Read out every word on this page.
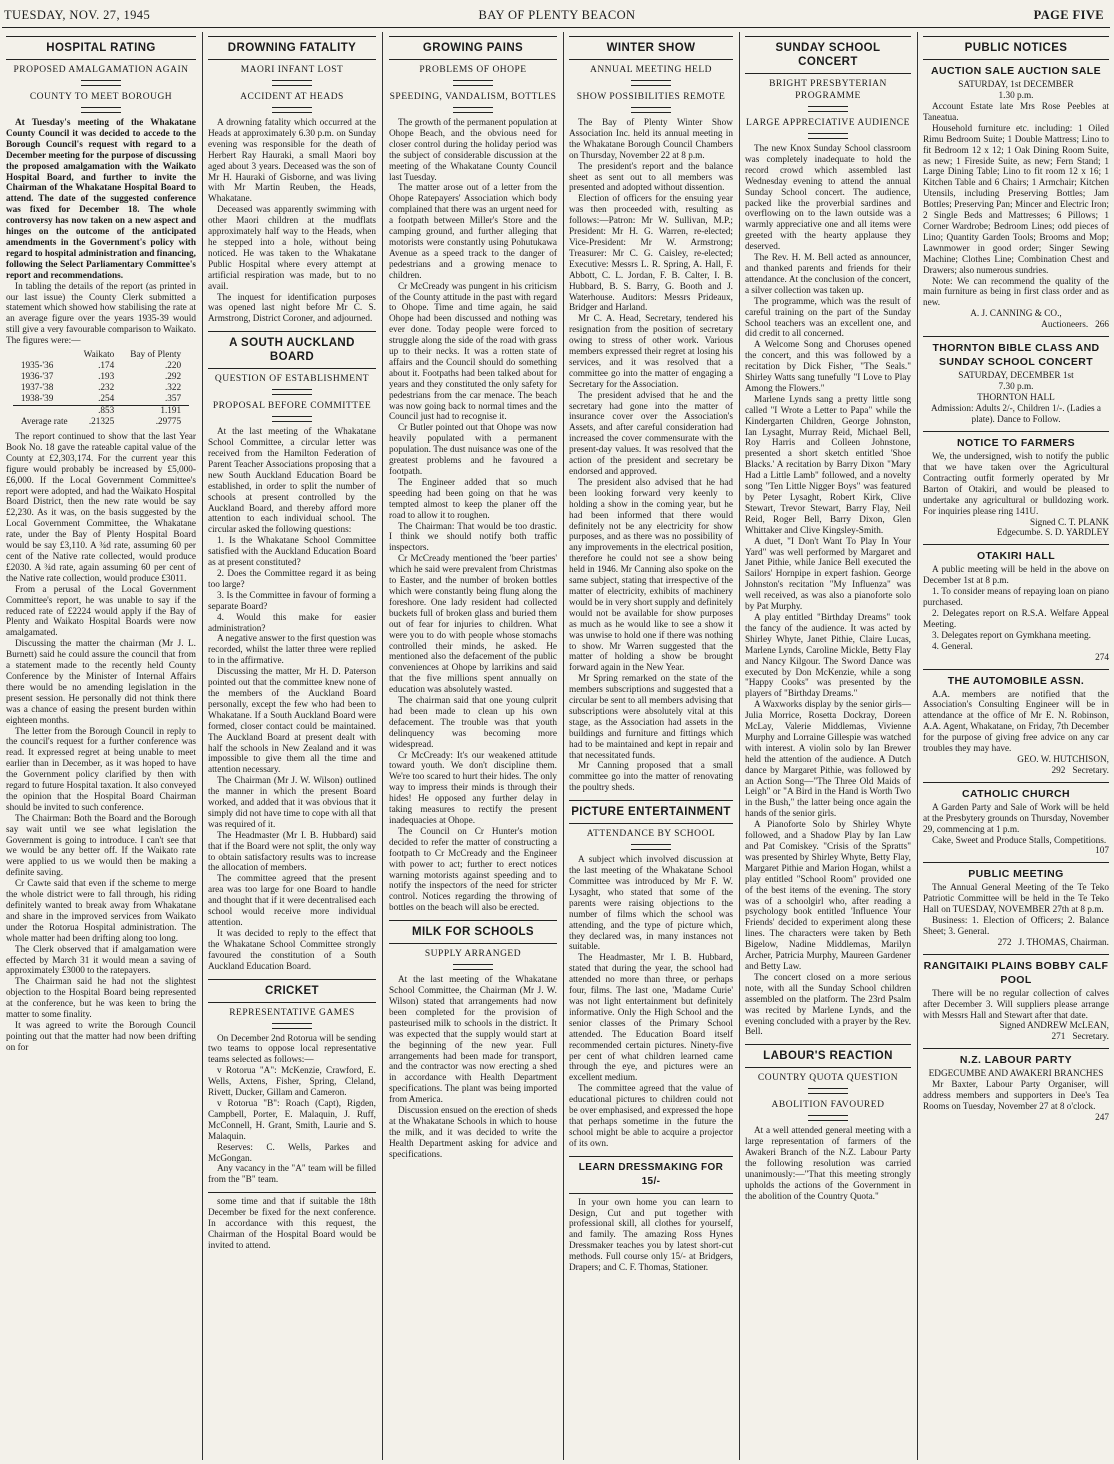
TUESDAY, NOV. 27, 1945	BAY OF PLENTY BEACON	PAGE FIVE
HOSPITAL RATING
PROPOSED AMALGAMATION AGAIN
COUNTY TO MEET BOROUGH

At Tuesday's meeting of the Whakatane County Council it was decided to accede to the Borough Council's request with regard to a December meeting for the purpose of discussing the proposed amalgamation with the Waikato Hospital Board, and further to invite the Chairman of the Whakatane Hospital Board to attend. The date of the suggested conference was fixed for December 18. The whole controversy has now taken on a new aspect and hinges on the outcome of the anticipated amendments in the Government's policy with regard to hospital administration and financing, following the Select Parliamentary Committee's report and recommendations.

In tabling the details of the report (as printed in our last issue) the County Clerk submitted a statement which showed how stabilising the rate at an average figure over the years 1935-39 would still give a very favourable comparison to Waikato. The figures were:—

	Waikato	Bay of Plenty
1935-'36	.174	.220
1936-'37	.193	.292
1937-'38	.232	.322
1938-'39	.254	.357
	.853	1.191
Average rate	.21325	.29775

The report continued to show that the last Year Book No. 18 gave the rateable capital value of the County at £2,303,174. For the current year this figure would probably be increased by £5,000-£6,000. If the Local Government Committee's report were adopted, and had the Waikato Hospital Board District, then the new rate would be say £2,230. As it was, on the basis suggested by the Local Government Committee, the Whakatane rate, under the Bay of Plenty Hospital Board would be say £3,110. A ¾d rate, assuming 60 per cent of the Native rate collected, would produce £2030. A ¾d rate, again assuming 60 per cent of the Native rate collection, would produce £3011.

From a perusal of the Local Government Committee's report, he was unable to say if the reduced rate of £2224 would apply if the Bay of Plenty and Waikato Hospital Boards were now amalgamated.

Discussing the matter the chairman (Mr J. L. Burnett) said he could assure the council that from a statement made to the recently held County Conference by the Minister of Internal Affairs there would be no amending legislation in the present session. He personally did not think there was a chance of easing the present burden within eighteen months.

The letter from the Borough Council in reply to the council's request for a further conference was read. It expressed regret at being unable to meet earlier than in December, as it was hoped to have the Government policy clarified by then with regard to future Hospital taxation. It also conveyed the opinion that the Hospital Board Chairman should be invited to such conference.

The Chairman: Both the Board and the Borough say wait until we see what legislation the Government is going to introduce. I can't see that we would be any better off. If the Waikato rate were applied to us we would then be making a definite saving.

Cr Cawte said that even if the scheme to merge the whole district were to fall through, his riding definitely wanted to break away from Whakatane and share in the improved services from Waikato under the Rotorua Hospital administration. The whole matter had been drifting along too long.

The Clerk observed that if amalgamation were effected by March 31 it would mean a saving of approximately £3000 to the ratepayers.

The Chairman said he had not the slightest objection to the Hospital Board being represented at the conference, but he was keen to bring the matter to some finality.

It was agreed to write the Borough Council pointing out that the matter had now been drifting on for

DROWNING FATALITY
MAORI INFANT LOST
ACCIDENT AT HEADS

A drowning fatality which occurred at the Heads at approximately 6.30 p.m. on Sunday evening was responsible for the death of Herbert Ray Hauraki, a small Maori boy aged about 3 years. Deceased was the son of Mr H. Hauraki of Gisborne, and was living with Mr Martin Reuben, the Heads, Whakatane.

Deceased was apparently swimming with other Maori children at the mudflats approximately half way to the Heads, when he stepped into a hole, without being noticed. He was taken to the Whakatane Public Hospital where every attempt at artificial respiration was made, but to no avail.

The inquest for identification purposes was opened last night before Mr C. S. Armstrong, District Coroner, and adjourned.

A SOUTH AUCKLAND BOARD
QUESTION OF ESTABLISHMENT
PROPOSAL BEFORE COMMITTEE

At the last meeting of the Whakatane School Committee, a circular letter was received from the Hamilton Federation of Parent Teacher Associations proposing that a new South Auckland Education Board be established, in order to split the number of schools at present controlled by the Auckland Board, and thereby afford more attention to each individual school. The circular asked the following questions:

1. Is the Whakatane School Committee satisfied with the Auckland Education Board as at present constituted?

2. Does the Committee regard it as being too large?

3. Is the Committee in favour of forming a separate Board?

4. Would this make for easier administration?

A negative answer to the first question was recorded, whilst the latter three were replied to in the affirmative.

Discussing the matter, Mr H. D. Paterson pointed out that the committee knew none of the members of the Auckland Board personally, except the few who had been to Whakatane. If a South Auckland Board were formed, closer contact could be maintained. The Auckland Board at present dealt with half the schools in New Zealand and it was impossible to give them all the time and attention necessary.

The Chairman (Mr J. W. Wilson) outlined the manner in which the present Board worked, and added that it was obvious that it simply did not have time to cope with all that was required of it.

The Headmaster (Mr I. B. Hubbard) said that if the Board were not split, the only way to obtain satisfactory results was to increase the allocation of members.

The committee agreed that the present area was too large for one Board to handle and thought that if it were decentralised each school would receive more individual attention.

It was decided to reply to the effect that the Whakatane School Committee strongly favoured the constitution of a South Auckland Education Board.

CRICKET
REPRESENTATIVE GAMES

On December 2nd Rotorua will be sending two teams to oppose local representative teams selected as follows:—

v Rotorua "A": McKenzie, Crawford, E. Wells, Axtens, Fisher, Spring, Cleland, Rivett, Ducker, Gillam and Cameron.

v Rotorua "B": Roach (Capt), Rigden, Campbell, Porter, E. Malaquin, J. Ruff, McConnell, H. Grant, Smith, Laurie and S. Malaquin.

Reserves: C. Wells, Parkes and McGongan.

Any vacancy in the "A" team will be filled from the "B" team.

some time and that if suitable the 18th December be fixed for the next conference. In accordance with this request, the Chairman of the Hospital Board would be invited to attend.

GROWING PAINS
PROBLEMS OF OHOPE
SPEEDING, VANDALISM, BOTTLES

The growth of the permanent population at Ohope Beach, and the obvious need for closer control during the holiday period was the subject of considerable discussion at the meeting of the Whakatane County Council last Tuesday.

The matter arose out of a letter from the Ohope Ratepayers' Association which body complained that there was an urgent need for a footpath between Miller's Store and the camping ground, and further alleging that motorists were constantly using Pohutukawa Avenue as a speed track to the danger of pedestrians and a growing menace to children.

Cr McCready was pungent in his criticism of the County attitude in the past with regard to Ohope. Time and time again, he said Ohope had been discussed and nothing was ever done. Today people were forced to struggle along the side of the road with grass up to their necks. It was a rotten state of affairs and the Council should do something about it. Footpaths had been talked about for years and they constituted the only safety for pedestrians from the car menace. The beach was now going back to normal times and the Council just had to recognise it.

Cr Butler pointed out that Ohope was now heavily populated with a permanent population. The dust nuisance was one of the greatest problems and he favoured a footpath.

The Engineer added that so much speeding had been going on that he was tempted almost to keep the planer off the road to allow it to roughen.

The Chairman: That would be too drastic. I think we should notify both traffic inspectors.

Cr McCready mentioned the 'beer parties' which he said were prevalent from Christmas to Easter, and the number of broken bottles which were constantly being flung along the foreshore. One lady resident had collected buckets full of broken glass and buried them out of fear for injuries to children. What were you to do with people whose stomachs controlled their minds, he asked. He mentioned also the defacement of the public conveniences at Ohope by larrikins and said that the five millions spent annually on education was absolutely wasted.

The chairman said that one young culprit had been made to clean up his own defacement. The trouble was that youth delinquency was becoming more widespread.

Cr McCready: It's our weakened attitude toward youth. We don't discipline them. We're too scared to hurt their hides. The only way to impress their minds is through their hides! He opposed any further delay in taking measures to rectify the present inadequacies at Ohope.

The Council on Cr Hunter's motion decided to refer the matter of constructing a footpath to Cr McCready and the Engineer with power to act; further to erect notices warning motorists against speeding and to notify the inspectors of the need for stricter control. Notices regarding the throwing of bottles on the beach will also be erected.

MILK FOR SCHOOLS
SUPPLY ARRANGED

At the last meeting of the Whakatane School Committee, the Chairman (Mr J. W. Wilson) stated that arrangements had now been completed for the provision of pasteurised milk to schools in the district. It was expected that the supply would start at the beginning of the new year. Full arrangements had been made for transport, and the contractor was now erecting a shed in accordance with Health Department specifications. The plant was being imported from America.

Discussion ensued on the erection of sheds at the Whakatane Schools in which to house the milk, and it was decided to write the Health Department asking for advice and specifications.

WINTER SHOW
ANNUAL MEETING HELD
SHOW POSSIBILITIES REMOTE

The Bay of Plenty Winter Show Association Inc. held its annual meeting in the Whakatane Borough Council Chambers on Thursday, November 22 at 8 p.m.

The president's report and the balance sheet as sent out to all members was presented and adopted without dissention.

Election of officers for the ensuing year was then proceeded with, resulting as follows:—Patron: Mr W. Sullivan, M.P.; President: Mr H. G. Warren, re-elected; Vice-President: Mr W. Armstrong; Treasurer: Mr C. G. Caisley, re-elected; Executive: Messrs L. R. Spring, A. Hall, F. Abbott, C. L. Jordan, F. B. Calter, I. B. Hubbard, B. S. Barry, G. Booth and J. Waterhouse. Auditors: Messrs Prideaux, Bridger and Harland.

Mr C. A. Head, Secretary, tendered his resignation from the position of secretary owing to stress of other work. Various members expressed their regret at losing his services, and it was resolved that a committee go into the matter of engaging a Secretary for the Association.

The president advised that he and the secretary had gone into the matter of insurance cover over the Association's Assets, and after careful consideration had increased the cover commensurate with the present-day values. It was resolved that the action of the president and secretary be endorsed and approved.

The president also advised that he had been looking forward very keenly to holding a show in the coming year, but he had been informed that there would definitely not be any electricity for show purposes, and as there was no possibility of any improvements in the electrical position, therefore he could not see a show being held in 1946. Mr Canning also spoke on the same subject, stating that irrespective of the matter of electricity, exhibits of machinery would be in very short supply and definitely would not be available for show purposes as much as he would like to see a show it was unwise to hold one if there was nothing to show. Mr Warren suggested that the matter of holding a show be brought forward again in the New Year.

Mr Spring remarked on the state of the members subscriptions and suggested that a circular be sent to all members advising that subscriptions were absolutely vital at this stage, as the Association had assets in the buildings and furniture and fittings which had to be maintained and kept in repair and that necessitated funds.

Mr Canning proposed that a small committee go into the matter of renovating the poultry sheds.

PICTURE ENTERTAINMENT
ATTENDANCE BY SCHOOL

A subject which involved discussion at the last meeting of the Whakatane School Committee was introduced by Mr F. W. Lysaght, who stated that some of the parents were raising objections to the number of films which the school was attending, and the type of picture which, they declared was, in many instances not suitable.

The Headmaster, Mr I. B. Hubbard, stated that during the year, the school had attended no more than three, or perhaps four, films. The last one, 'Madame Curie' was not light entertainment but definitely informative. Only the High School and the senior classes of the Primary School attended. The Education Board itself recommended certain pictures. Ninety-five per cent of what children learned came through the eye, and pictures were an excellent medium.

The committee agreed that the value of educational pictures to children could not be over emphasised, and expressed the hope that perhaps sometime in the future the school might be able to acquire a projector of its own.

LEARN DRESSMAKING FOR 15/-

In your own home you can learn to Design, Cut and put together with professional skill, all clothes for yourself, and family. The amazing Ross Hynes Dressmaker teaches you by latest short-cut methods. Full course only 15/- at Bridgers, Drapers; and C. F. Thomas, Stationer.

SUNDAY SCHOOL CONCERT
BRIGHT PRESBYTERIAN PROGRAMME
LARGE APPRECIATIVE AUDIENCE

The new Knox Sunday School classroom was completely inadequate to hold the record crowd which assembled last Wednesday evening to attend the annual Sunday School concert. The audience, packed like the proverbial sardines and overflowing on to the lawn outside was a warmly appreciative one and all items were greeted with the hearty applause they deserved.

The Rev. H. M. Bell acted as announcer, and thanked parents and friends for their attendance. At the conclusion of the concert, a silver collection was taken up.

The programme, which was the result of careful training on the part of the Sunday School teachers was an excellent one, and did credit to all concerned.

A Welcome Song and Choruses opened the concert, and this was followed by a recitation by Dick Fisher, "The Seals." Shirley Watts sang tunefully "I Love to Play Among the Flowers."

Marlene Lynds sang a pretty little song called "I Wrote a Letter to Papa" while the Kindergarten Children, George Johnston, Ian Lysaght, Murray Reid, Michael Bell, Roy Harris and Colleen Johnstone, presented a short sketch entitled 'Shoe Blacks.' A recitation by Barry Dixon "Mary Had a Little Lamb" followed, and a novelty song "Ten Little Nigger Boys" was featured by Peter Lysaght, Robert Kirk, Clive Stewart, Trevor Stewart, Barry Flay, Neil Reid, Roger Bell, Barry Dixon, Glen Whittaker and Clive Kingsley-Smith.

A duet, "I Don't Want To Play In Your Yard" was well performed by Margaret and Janet Pithie, while Janice Bell executed the Sailors' Hornpipe in expert fashion. George Johnston's recitation "My Influenza" was well received, as was also a pianoforte solo by Pat Murphy.

A play entitled "Birthday Dreams" took the fancy of the audience. It was acted by Shirley Whyte, Janet Pithie, Claire Lucas, Marlene Lynds, Caroline Mickle, Betty Flay and Nancy Kilgour. The Sword Dance was executed by Don McKenzie, while a song "Happy Cooks" was presented by the players of "Birthday Dreams."

A Waxworks display by the senior girls—Julia Morrice, Rosetta Dockray, Doreen McLay, Valerie Middlemas, Vivienne Murphy and Lorraine Gillespie was watched with interest. A violin solo by Ian Brewer held the attention of the audience. A Dutch dance by Margaret Pithie, was followed by an Action Song—"The Three Old Maids of Leigh" or "A Bird in the Hand is Worth Two in the Bush," the latter being once again the hands of the senior girls.

A Pianoforte Solo by Shirley Whyte followed, and a Shadow Play by Ian Law and Pat Comiskey. "Crisis of the Spratts" was presented by Shirley Whyte, Betty Flay, Margaret Pithie and Marion Hogan, whilst a play entitled "School Room" provided one of the best items of the evening. The story was of a schoolgirl who, after reading a psychology book entitled 'Influence Your Friends' decided to experiment along these lines. The characters were taken by Beth Bigelow, Nadine Middlemas, Marilyn Archer, Patricia Murphy, Maureen Gardener and Betty Law.

The concert closed on a more serious note, with all the Sunday School children assembled on the platform. The 23rd Psalm was recited by Marlene Lynds, and the evening concluded with a prayer by the Rev. Bell.

LABOUR'S REACTION
COUNTRY QUOTA QUESTION
ABOLITION FAVOURED

At a well attended general meeting with a large representation of farmers of the Awakeri Branch of the N.Z. Labour Party the following resolution was carried unanimously:—"That this meeting strongly upholds the actions of the Government in the abolition of the Country Quota."

PUBLIC NOTICES
AUCTION SALE AUCTION SALE

SATURDAY, 1st DECEMBER

1.30 p.m.

Account Estate late Mrs Rose Peebles at Taneatua.

Household furniture etc. including: 1 Oiled Rimu Bedroom Suite; 1 Double Mattress; Lino to fit Bedroom 12 x 12; 1 Oak Dining Room Suite, as new; 1 Fireside Suite, as new; Fern Stand; 1 Large Dining Table; Lino to fit room 12 x 16; 1 Kitchen Table and 6 Chairs; 1 Armchair; Kitchen Utensils, including Preserving Bottles; Jam Bottles; Preserving Pan; Mincer and Electric Iron; 2 Single Beds and Mattresses; 6 Pillows; 1 Corner Wardrobe; Bedroom Lines; odd pieces of Lino; Quantity Garden Tools; Brooms and Mop; Lawnmower in good order; Singer Sewing Machine; Clothes Line; Combination Chest and Drawers; also numerous sundries.

Note: We can recommend the quality of the main furniture as being in first class order and as new.

A. J. CANNING & CO.,

Auctioneers. 266

THORNTON BIBLE CLASS AND SUNDAY SCHOOL CONCERT

SATURDAY, DECEMBER 1st

7.30 p.m.

THORNTON HALL

Admission: Adults 2/-, Children 1/-. (Ladies a plate). Dance to Follow.

NOTICE TO FARMERS

We, the undersigned, wish to notify the public that we have taken over the Agricultural Contracting outfit formerly operated by Mr Barton of Otakiri, and would be pleased to undertake any agricultural or bulldozing work. For inquiries please ring 141U.

Signed C. T. PLANK

Edgecumbe. S. D. YARDLEY

OTAKIRI HALL

A public meeting will be held in the above on December 1st at 8 p.m.

1. To consider means of repaying loan on piano purchased.

2. Delegates report on R.S.A. Welfare Appeal Meeting.

3. Delegates report on Gymkhana meeting.

4. General.

274

THE AUTOMOBILE ASSN.

A.A. members are notified that the Association's Consulting Engineer will be in attendance at the office of Mr E. N. Robinson, A.A. Agent, Whakatane, on Friday, 7th December for the purpose of giving free advice on any car troubles they may have.

GEO. W. HUTCHISON,

292 Secretary.

CATHOLIC CHURCH

A Garden Party and Sale of Work will be held at the Presbytery grounds on Thursday, November 29, commencing at 1 p.m.

Cake, Sweet and Produce Stalls, Competitions.

107

PUBLIC MEETING

The Annual General Meeting of the Te Teko Patriotic Committee will be held in the Te Teko Hall on TUESDAY, NOVEMBER 27th at 8 p.m.

Business: 1. Election of Officers; 2. Balance Sheet; 3. General.

272 J. THOMAS, Chairman.

RANGITAIKI PLAINS BOBBY CALF POOL

There will be no regular collection of calves after December 3. Will suppliers please arrange with Messrs Hall and Stewart after that date.

Signed ANDREW McLEAN,

271 Secretary.

N.Z. LABOUR PARTY

EDGECUMBE AND AWAKERI BRANCHES

Mr Baxter, Labour Party Organiser, will address members and supporters in Dee's Tea Rooms on Tuesday, November 27 at 8 o'clock.

247
